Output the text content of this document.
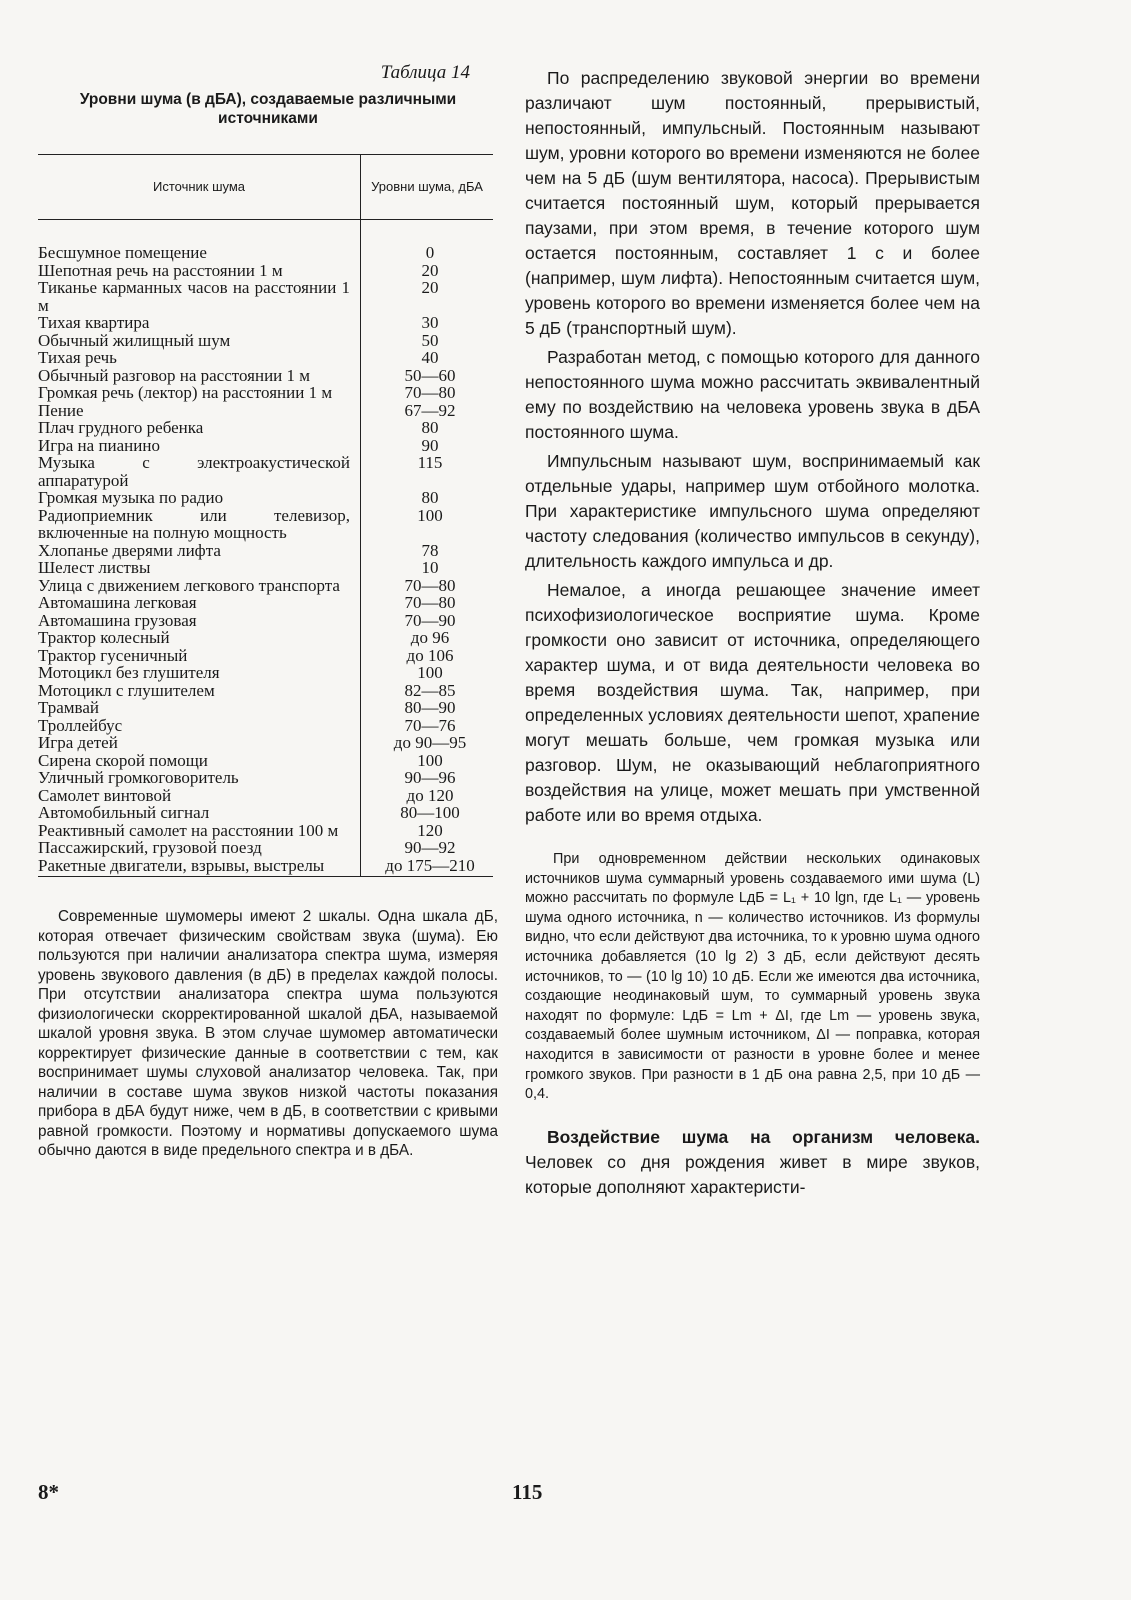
Таблица 14
Уровни шума (в дБА), создаваемые различными источниками
Источник шума	Уровни шума, дБА
Бесшумное помещение	0
Шепотная речь на расстоянии 1 м	20
Тиканье карманных часов на расстоянии 1 м	20
Тихая квартира	30
Обычный жилищный шум	50
Тихая речь	40
Обычный разговор на расстоянии 1 м	50—60
Громкая речь (лектор) на расстоянии 1 м	70—80
Пение	67—92
Плач грудного ребенка	80
Игра на пианино	90
Музыка с электроакустической аппаратурой	115
Громкая музыка по радио	80
Радиоприемник или телевизор, включенные на полную мощность	100
Хлопанье дверями лифта	78
Шелест листвы	10
Улица с движением легкового транспорта	70—80
Автомашина легковая	70—80
Автомашина грузовая	70—90
Трактор колесный	до 96
Трактор гусеничный	до 106
Мотоцикл без глушителя	100
Мотоцикл с глушителем	82—85
Трамвай	80—90
Троллейбус	70—76
Игра детей	до 90—95
Сирена скорой помощи	100
Уличный громкоговоритель	90—96
Самолет винтовой	до 120
Автомобильный сигнал	80—100
Реактивный самолет на расстоянии 100 м	120
Пассажирский, грузовой поезд	90—92
Ракетные двигатели, взрывы, выстрелы	до 175—210
Современные шумомеры имеют 2 шкалы. Одна шкала дБ, которая отвечает физическим свойствам звука (шума). Ею пользуются при наличии анализатора спектра шума, измеряя уровень звукового давления (в дБ) в пределах каждой полосы. При отсутствии анализатора спектра шума пользуются физиологически скорректированной шкалой дБА, называемой шкалой уровня звука. В этом случае шумомер автоматически корректирует физические данные в соответствии с тем, как воспринимает шумы слуховой анализатор человека. Так, при наличии в составе шума звуков низкой частоты показания прибора в дБА будут ниже, чем в дБ, в соответствии с кривыми равной громкости. Поэтому и нормативы допускаемого шума обычно даются в виде предельного спектра и в дБА.

По распределению звуковой энергии во времени различают шум постоянный, прерывистый, непостоянный, импульсный. Постоянным называют шум, уровни которого во времени изменяются не более чем на 5 дБ (шум вентилятора, насоса). Прерывистым считается постоянный шум, который прерывается паузами, при этом время, в течение которого шум остается постоянным, составляет 1 с и более (например, шум лифта). Непостоянным считается шум, уровень которого во времени изменяется более чем на 5 дБ (транспортный шум).

Разработан метод, с помощью которого для данного непостоянного шума можно рассчитать эквивалентный ему по воздействию на человека уровень звука в дБА постоянного шума.

Импульсным называют шум, воспринимаемый как отдельные удары, например шум отбойного молотка. При характеристике импульсного шума определяют частоту следования (количество импульсов в секунду), длительность каждого импульса и др.

Немалое, а иногда решающее значение имеет психофизиологическое восприятие шума. Кроме громкости оно зависит от источника, определяющего характер шума, и от вида деятельности человека во время воздействия шума. Так, например, при определенных условиях деятельности шепот, храпение могут мешать больше, чем громкая музыка или разговор. Шум, не оказывающий неблагоприятного воздействия на улице, может мешать при умственной работе или во время отдыха.

При одновременном действии нескольких одинаковых источников шума суммарный уровень создаваемого ими шума (L) можно рассчитать по формуле LдБ = L₁ + 10 lgn, где L₁ — уровень шума одного источника, n — количество источников. Из формулы видно, что если действуют два источника, то к уровню шума одного источника добавляется (10 lg 2) 3 дБ, если действуют десять источников, то — (10 lg 10) 10 дБ. Если же имеются два источника, создающие неодинаковый шум, то суммарный уровень звука находят по формуле: LдБ = Lm + ΔI, где Lm — уровень звука, создаваемый более шумным источником, ΔI — поправка, которая находится в зависимости от разности в уровне более и менее громкого звуков. При разности в 1 дБ она равна 2,5, при 10 дБ — 0,4.
Воздействие шума на организм человека. Человек со дня рождения живет в мире звуков, которые дополняют характеристи-
8*	115
